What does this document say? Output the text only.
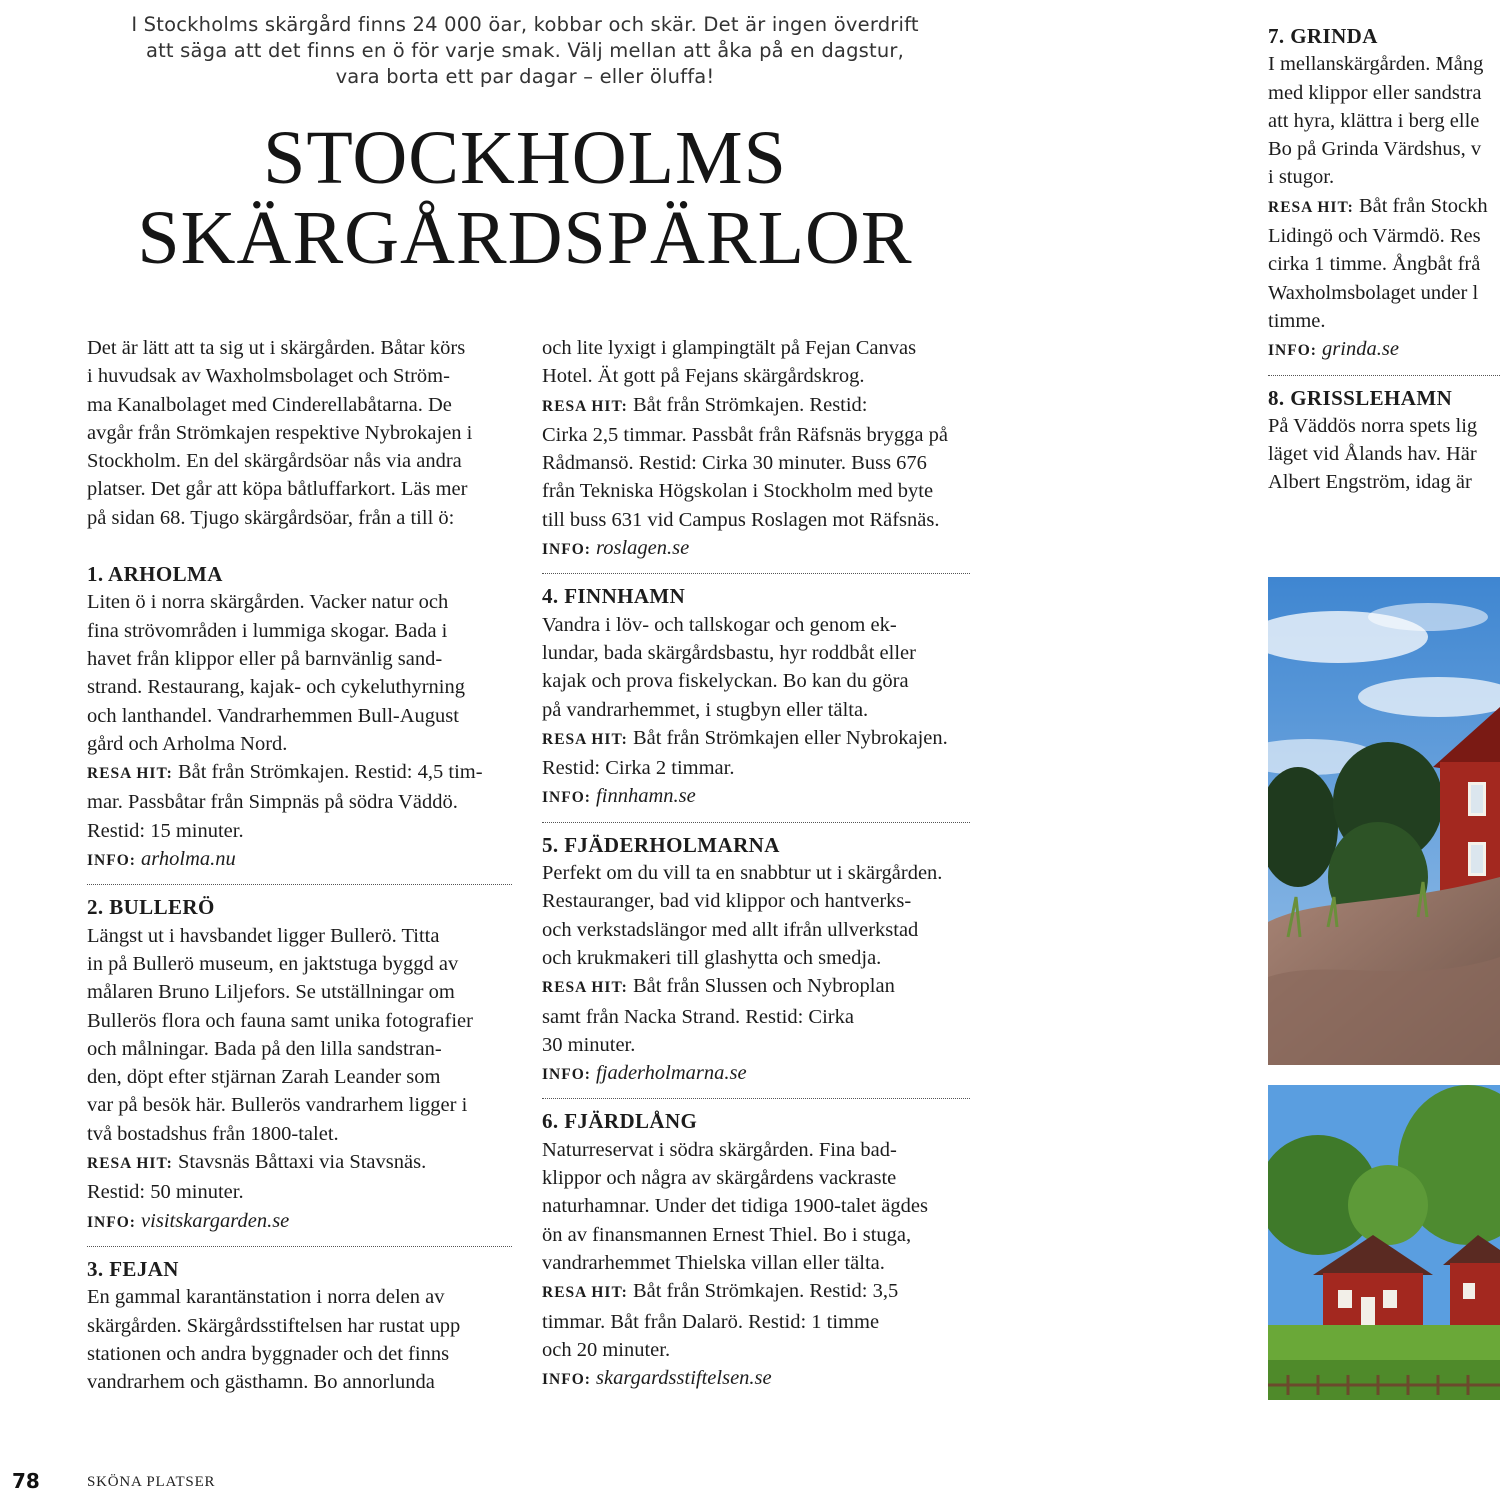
I Stockholms skärgård finns 24 000 öar, kobbar och skär. Det är ingen överdrift att säga att det finns en ö för varje smak. Välj mellan att åka på en dagstur, vara borta ett par dagar – eller öluffa!
STOCKHOLMS
SKÄRGÅRDSPÄRLOR

Det är lätt att ta sig ut i skärgården. Båtar körs

i huvudsak av Waxholmsbolaget och Ström-

ma Kanalbolaget med Cinderellabåtarna. De

avgår från Strömkajen respektive Nybrokajen i

Stockholm. En del skärgårdsöar nås via andra

platser. Det går att köpa båtluffarkort. Läs mer

på sidan 68. Tjugo skärgårdsöar, från a till ö:

1. ARHOLMA

Liten ö i norra skärgården. Vacker natur och

fina strövområden i lummiga skogar. Bada i

havet från klippor eller på barnvänlig sand-

strand. Restaurang, kajak- och cykeluthyrning

och lanthandel. Vandrarhemmen Bull-August

gård och Arholma Nord.

RESA HIT: Båt från Strömkajen. Restid: 4,5 tim-

mar. Passbåtar från Simpnäs på södra Väddö.

Restid: 15 minuter.

INFO: arholma.nu

2. BULLERÖ

Längst ut i havsbandet ligger Bullerö. Titta

in på Bullerö museum, en jaktstuga byggd av

målaren Bruno Liljefors. Se utställningar om

Bullerös flora och fauna samt unika fotografier

och målningar. Bada på den lilla sandstran-

den, döpt efter stjärnan Zarah Leander som

var på besök här. Bullerös vandrarhem ligger i

två bostadshus från 1800-talet.

RESA HIT: Stavsnäs Båttaxi via Stavsnäs.

Restid: 50 minuter.

INFO: visitskargarden.se

3. FEJAN

En gammal karantänstation i norra delen av

skärgården. Skärgårdsstiftelsen har rustat upp

stationen och andra byggnader och det finns

vandrarhem och gästhamn. Bo annorlunda

och lite lyxigt i glampingtält på Fejan Canvas

Hotel. Ät gott på Fejans skärgårdskrog.

RESA HIT: Båt från Strömkajen. Restid:

Cirka 2,5 timmar. Passbåt från Räfsnäs brygga på

Rådmansö. Restid: Cirka 30 minuter. Buss 676

från Tekniska Högskolan i Stockholm med byte

till buss 631 vid Campus Roslagen mot Räfsnäs.

INFO: roslagen.se

4. FINNHAMN

Vandra i löv- och tallskogar och genom ek-

lundar, bada skärgårdsbastu, hyr roddbåt eller

kajak och prova fiskelyckan. Bo kan du göra

på vandrarhemmet, i stugbyn eller tälta.

RESA HIT: Båt från Strömkajen eller Nybrokajen.

Restid: Cirka 2 timmar.

INFO: finnhamn.se

5. FJÄDERHOLMARNA

Perfekt om du vill ta en snabbtur ut i skärgården.

Restauranger, bad vid klippor och hantverks-

och verkstadslängor med allt ifrån ullverkstad

och krukmakeri till glashytta och smedja.

RESA HIT: Båt från Slussen och Nybroplan

samt från Nacka Strand. Restid: Cirka

30 minuter.

INFO: fjaderholmarna.se

6. FJÄRDLÅNG

Naturreservat i södra skärgården. Fina bad-

klippor och några av skärgårdens vackraste

naturhamnar. Under det tidiga 1900-talet ägdes

ön av finansmannen Ernest Thiel. Bo i stuga,

vandrarhemmet Thielska villan eller tälta.

RESA HIT: Båt från Strömkajen. Restid: 3,5

timmar. Båt från Dalarö. Restid: 1 timme

och 20 minuter.

INFO: skargardsstiftelsen.se

7. GRINDA

I mellanskärgården. Mång

med klippor eller sandstra

att hyra, klättra i berg elle

Bo på Grinda Värdshus, v

i stugor.

RESA HIT: Båt från Stockh

Lidingö och Värmdö. Res

cirka 1 timme. Ångbåt frå

Waxholmsbolaget under l

timme.

INFO: grinda.se

8. GRISSLEHAMN

På Väddös norra spets lig

läget vid Ålands hav. Här

Albert Engström, idag är

78	SKÖNA PLATSER
